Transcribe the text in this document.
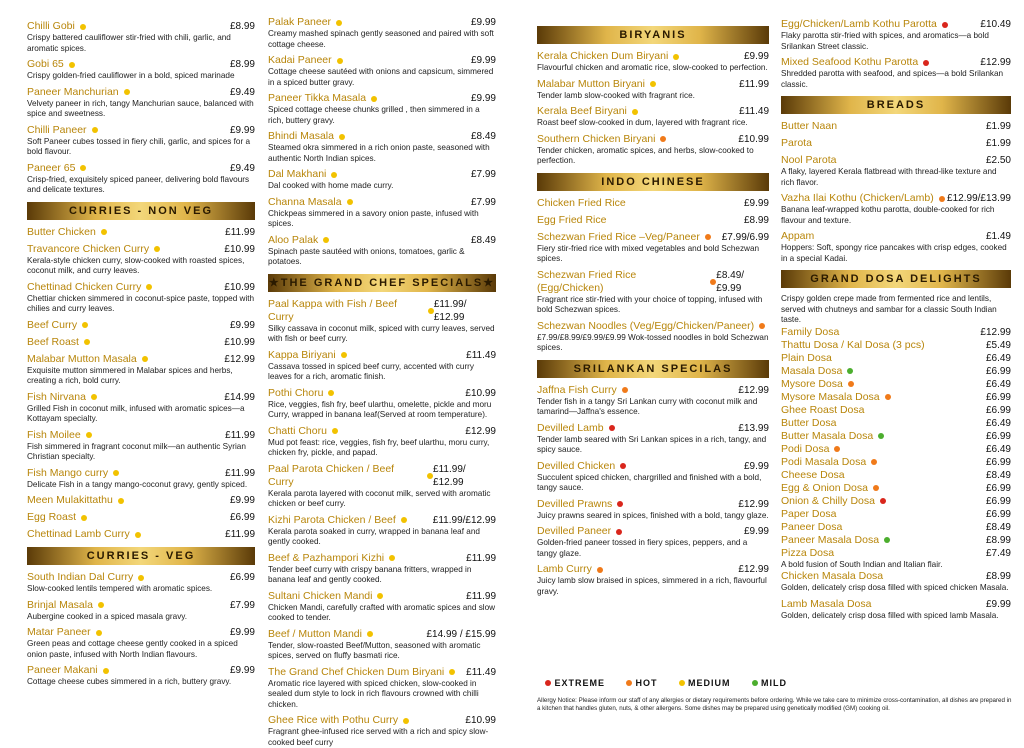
Chilli Gobi	£8.99
Crispy battered cauliflower stir-fried with chili, garlic, and aromatic spices.
Gobi 65	£8.99
Crispy golden-fried cauliflower in a bold, spiced marinade
Paneer Manchurian	£9.49
Velvety paneer in rich, tangy Manchurian sauce, balanced with spice and sweetness.
Chilli Paneer	£9.99
Soft Paneer cubes tossed in fiery chili, garlic, and spices for a bold flavour.
Paneer 65	£9.49
Crisp-fried, exquisitely spiced paneer, delivering bold flavours and delicate textures.
CURRIES - NON VEG
Butter Chicken	£11.99
Travancore Chicken Curry	£10.99
Kerala-style chicken curry, slow-cooked with roasted spices, coconut milk, and curry leaves.
Chettinad Chicken Curry	£10.99
Chettiar chicken simmered in coconut-spice paste, topped with chilies and curry leaves.
Beef Curry	£9.99
Beef Roast	£10.99
Malabar Mutton Masala	£12.99
Exquisite mutton simmered in Malabar spices and herbs, creating a rich, bold curry.
Fish Nirvana	£14.99
Grilled Fish in coconut milk, infused with aromatic spices—a Kottayam specialty.
Fish Moilee	£11.99
Fish simmered in fragrant coconut milk—an authentic Syrian Christian specialty.
Fish Mango curry	£11.99
Delicate Fish in a tangy mango-coconut gravy, gently spiced.
Meen Mulakittathu	£9.99
Egg Roast	£6.99
Chettinad Lamb Curry	£11.99
CURRIES - VEG
South Indian Dal Curry	£6.99
Slow-cooked lentils tempered with aromatic spices.
Brinjal Masala	£7.99
Aubergine cooked in a spiced masala gravy.
Matar Paneer	£9.99
Green peas and cottage cheese gently cooked in a spiced onion paste, infused with North Indian flavours.
Paneer Makani	£9.99
Cottage cheese cubes simmered in a rich, buttery gravy.
Palak Paneer	£9.99
Creamy mashed spinach gently seasoned and paired with soft cottage cheese.
Kadai Paneer	£9.99
Cottage cheese sautéed with onions and capsicum, simmered in a spiced butter gravy.
Paneer Tikka Masala	£9.99
Spiced cottage cheese chunks grilled , then simmered in a rich, buttery gravy.
Bhindi Masala	£8.49
Steamed okra simmered in a rich onion paste, seasoned with authentic North Indian spices.
Dal Makhani	£7.99
Dal cooked with home made curry.
Channa Masala	£7.99
Chickpeas simmered in a savory onion paste, infused with spices.
Aloo Palak	£8.49
Spinach paste sautéed with onions, tomatoes, garlic & potatoes.
★THE GRAND CHEF SPECIALS★
Paal Kappa with Fish / Beef Curry
£11.99/£12.99
Silky cassava in coconut milk, spiced with curry leaves, served with fish or beef curry.
Kappa Biriyani	£11.49
Cassava tossed in spiced beef curry, accented with curry leaves for a rich, aromatic finish.
Pothi Choru	£10.99
Rice, veggies, fish fry, beef ularthu, omelette, pickle and moru Curry, wrapped in banana leaf(Served at room temperature).
Chatti Choru	£12.99
Mud pot feast: rice, veggies, fish fry, beef ularthu, moru curry, chicken fry, pickle, and papad.
Paal Parota Chicken / Beef Curry
£11.99/£12.99
Kerala parota layered with coconut milk, served with aromatic chicken or beef curry.
Kizhi Parota Chicken / Beef	£11.99/£12.99
Kerala parota soaked in curry, wrapped in banana leaf and gently cooked.
Beef & Pazhampori Kizhi	£11.99
Tender beef curry with crispy banana fritters, wrapped in banana leaf and gently cooked.
Sultani Chicken Mandi	£11.99
Chicken Mandi, carefully crafted with aromatic spices and slow cooked to tender.
Beef / Mutton Mandi	£14.99 / £15.99
Tender, slow-roasted Beef/Mutton, seasoned with aromatic spices, served on fluffy basmati rice.
The Grand Chef Chicken Dum Biryani £11.49
Aromatic rice layered with spiced chicken, slow-cooked in sealed dum style to lock in rich flavours crowned with chilli chicken.
Ghee Rice with Pothu Curry	£10.99
Fragrant ghee-infused rice served with a rich and spicy slow-cooked beef curry
BIRYANIS
Kerala Chicken Dum Biryani	£9.99
Flavourful chicken and aromatic rice, slow-cooked to perfection.
Malabar Mutton Biryani	£11.99
Tender lamb slow-cooked with fragrant rice.
Kerala Beef Biryani	£11.49
Roast beef slow-cooked in dum, layered with fragrant rice.
Southern Chicken Biryani	£10.99
Tender chicken, aromatic spices, and herbs, slow-cooked to perfection.
INDO CHINESE
Chicken Fried Rice	£9.99
Egg Fried Rice	£8.99
Schezwan Fried Rice –Veg/Paneer £7.99/6.99
Fiery stir-fried rice with mixed vegetables and bold Schezwan spices.
Schezwan Fried Rice (Egg/Chicken)
£8.49/£9.99
Fragrant rice stir-fried with your choice of topping, infused with bold Schezwan spices.
Schezwan Noodles (Veg/Egg/Chicken/Paneer)
£7.99/£8.99/£9.99/£9.99 Wok-tossed noodles in bold Schezwan spices.
SRILANKAN SPECILAS
Jaffna Fish Curry	£12.99
Tender fish in a tangy Sri Lankan curry with coconut milk and tamarind—Jaffna's essence.
Devilled Lamb	£13.99
Tender lamb seared with Sri Lankan spices in a rich, tangy, and spicy sauce.
Devilled Chicken	£9.99
Succulent spiced chicken, chargrilled and finished with a bold, tangy sauce.
Devilled Prawns	£12.99
Juicy prawns seared in spices, finished with a bold, tangy glaze.
Devilled Paneer	£9.99
Golden-fried paneer tossed in fiery spices, peppers, and a tangy glaze.
Lamb Curry	£12.99
Juicy lamb slow braised in spices, simmered in a rich, flavourful gravy.
Egg/Chicken/Lamb Kothu Parotta	£10.49
Flaky parotta stir-fried with spices, and aromatics—a bold Srilankan Street classic.
Mixed Seafood Kothu Parotta	£12.99
Shredded parotta with seafood, and spices—a bold Srilankan classic.
BREADS
Butter Naan	£1.99
Parota	£1.99
Nool Parota	£2.50
A flaky, layered Kerala flatbread with thread-like texture and rich flavor.
Vazha Ilai Kothu (Chicken/Lamb) £12.99/£13.99
Banana leaf-wrapped kothu parotta, double-cooked for rich flavour and texture.
Appam	£1.49
Hoppers: Soft, spongy rice pancakes with crisp edges, cooked in a special Kadai.
GRAND DOSA DELIGHTS
Crispy golden crepe made from fermented rice and lentils, served with chutneys and sambar for a classic South Indian taste.
Family Dosa	£12.99
Thattu Dosa / Kal Dosa (3 pcs)	£5.49
Plain Dosa	£6.49
Masala Dosa	£6.99
Mysore Dosa	£6.49
Mysore Masala Dosa	£6.99
Ghee Roast Dosa	£6.99
Butter Dosa	£6.49
Butter Masala Dosa	£6.99
Podi Dosa	£6.49
Podi Masala Dosa	£6.99
Cheese Dosa	£8.49
Egg & Onion Dosa	£6.99
Onion & Chilly Dosa	£6.99
Paper Dosa	£6.99
Paneer Dosa	£8.49
Paneer Masala Dosa	£8.99
Pizza Dosa	£7.49
A bold fusion of South Indian and Italian flair.
Chicken Masala Dosa	£8.99
Golden, delicately crisp dosa filled with spiced chicken Masala.
Lamb Masala Dosa	£9.99
Golden, delicately crisp dosa filled with spiced lamb Masala.
EXTREME	HOT	MEDIUM	MILD
Allergy Notice: Please inform our staff of any allergies or dietary requirements before ordering. While we take care to minimize cross-contamination, all dishes are prepared in a kitchen that handles gluten, nuts, & other allergens. Some dishes may be prepared using genetically modified (GM) cooking oil.
